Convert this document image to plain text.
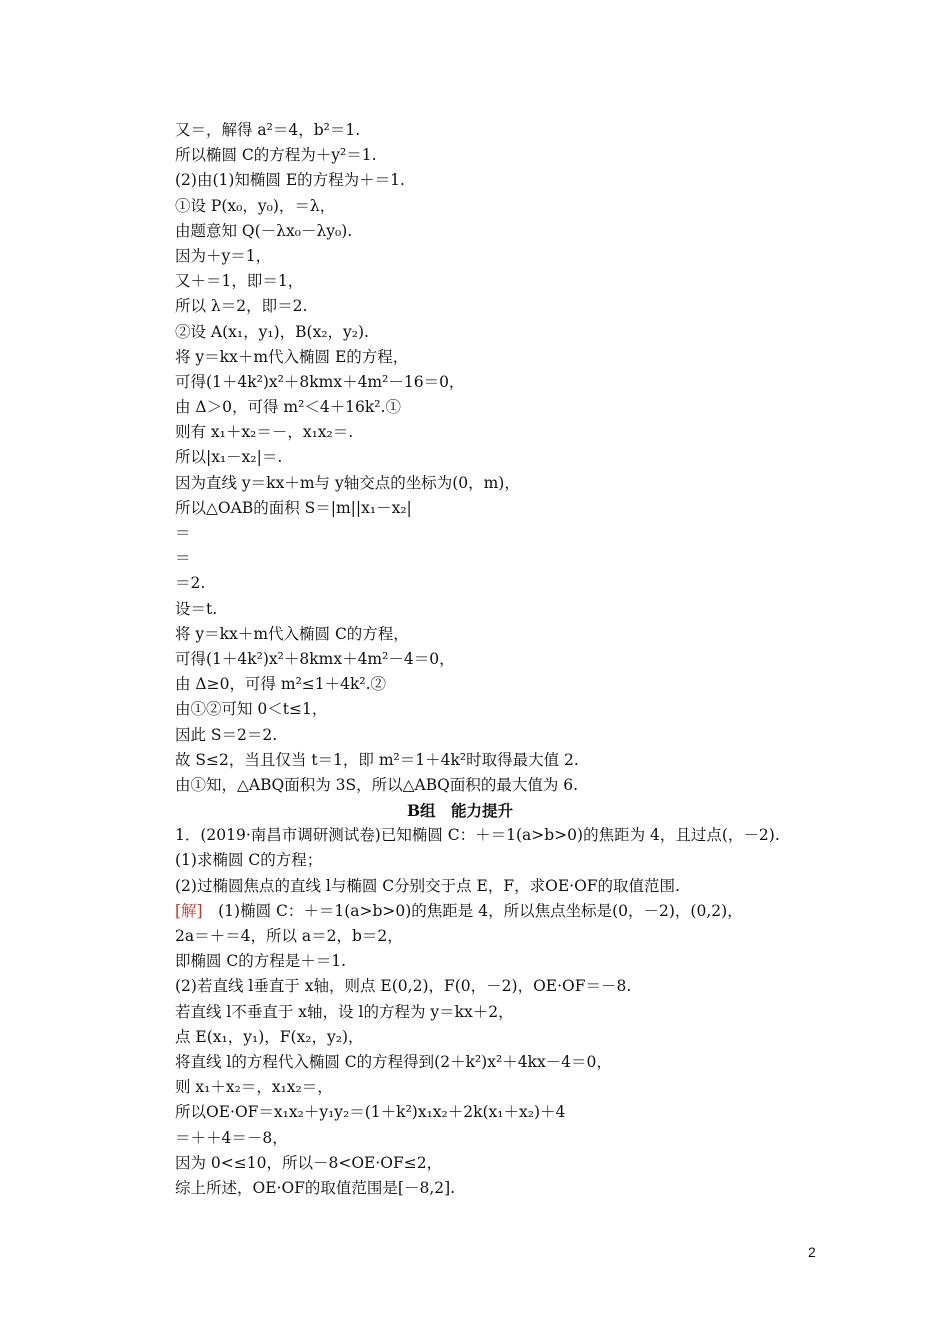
又＝，解得 a²＝4，b²＝1.
所以椭圆 C的方程为＋y²＝1.
(2)由(1)知椭圆 E的方程为＋＝1.
①设 P(x₀，y₀)，＝λ，
由题意知 Q(－λx₀－λy₀).
因为＋y＝1，
又＋＝1，即＝1，
所以 λ＝2，即＝2.
②设 A(x₁，y₁)，B(x₂，y₂).
将 y＝kx＋m代入椭圆 E的方程，
可得(1＋4k²)x²＋8kmx＋4m²－16＝0，
由 Δ＞0，可得 m²＜4＋16k².①
则有 x₁＋x₂＝－，x₁x₂＝.
所以|x₁－x₂|＝.
因为直线 y＝kx＋m与 y轴交点的坐标为(0，m)，
所以△OAB的面积 S＝|m||x₁－x₂|
＝
＝
＝2.
设＝t.
将 y＝kx＋m代入椭圆 C的方程，
可得(1＋4k²)x²＋8kmx＋4m²－4＝0，
由 Δ≥0，可得 m²≤1＋4k².②
由①②可知 0＜t≤1，
因此 S＝2＝2.
故 S≤2，当且仅当 t＝1，即 m²＝1＋4k²时取得最大值 2.
由①知，△ABQ面积为 3S，所以△ABQ面积的最大值为 6.
B组　能力提升
1．(2019·南昌市调研测试卷)已知椭圆 C：＋＝1(a>b>0)的焦距为 4，且过点(，－2).
(1)求椭圆 C的方程；
(2)过椭圆焦点的直线 l与椭圆 C分别交于点 E，F，求OE·OF的取值范围.
[解]　(1)椭圆 C：＋＝1(a>b>0)的焦距是 4，所以焦点坐标是(0，－2)，(0,2)，
2a＝＋＝4，所以 a＝2，b＝2，
即椭圆 C的方程是＋＝1.
(2)若直线 l垂直于 x轴，则点 E(0,2)，F(0，－2)，OE·OF＝－8.
若直线 l不垂直于 x轴，设 l的方程为 y＝kx＋2，
点 E(x₁，y₁)，F(x₂，y₂)，
将直线 l的方程代入椭圆 C的方程得到(2＋k²)x²＋4kx－4＝0，
则 x₁＋x₂＝，x₁x₂＝，
所以OE·OF＝x₁x₂＋y₁y₂＝(1＋k²)x₁x₂＋2k(x₁＋x₂)＋4
＝＋＋4＝－8，
因为 0<≤10，所以－8<OE·OF≤2，
综上所述，OE·OF的取值范围是[－8,2].
2
